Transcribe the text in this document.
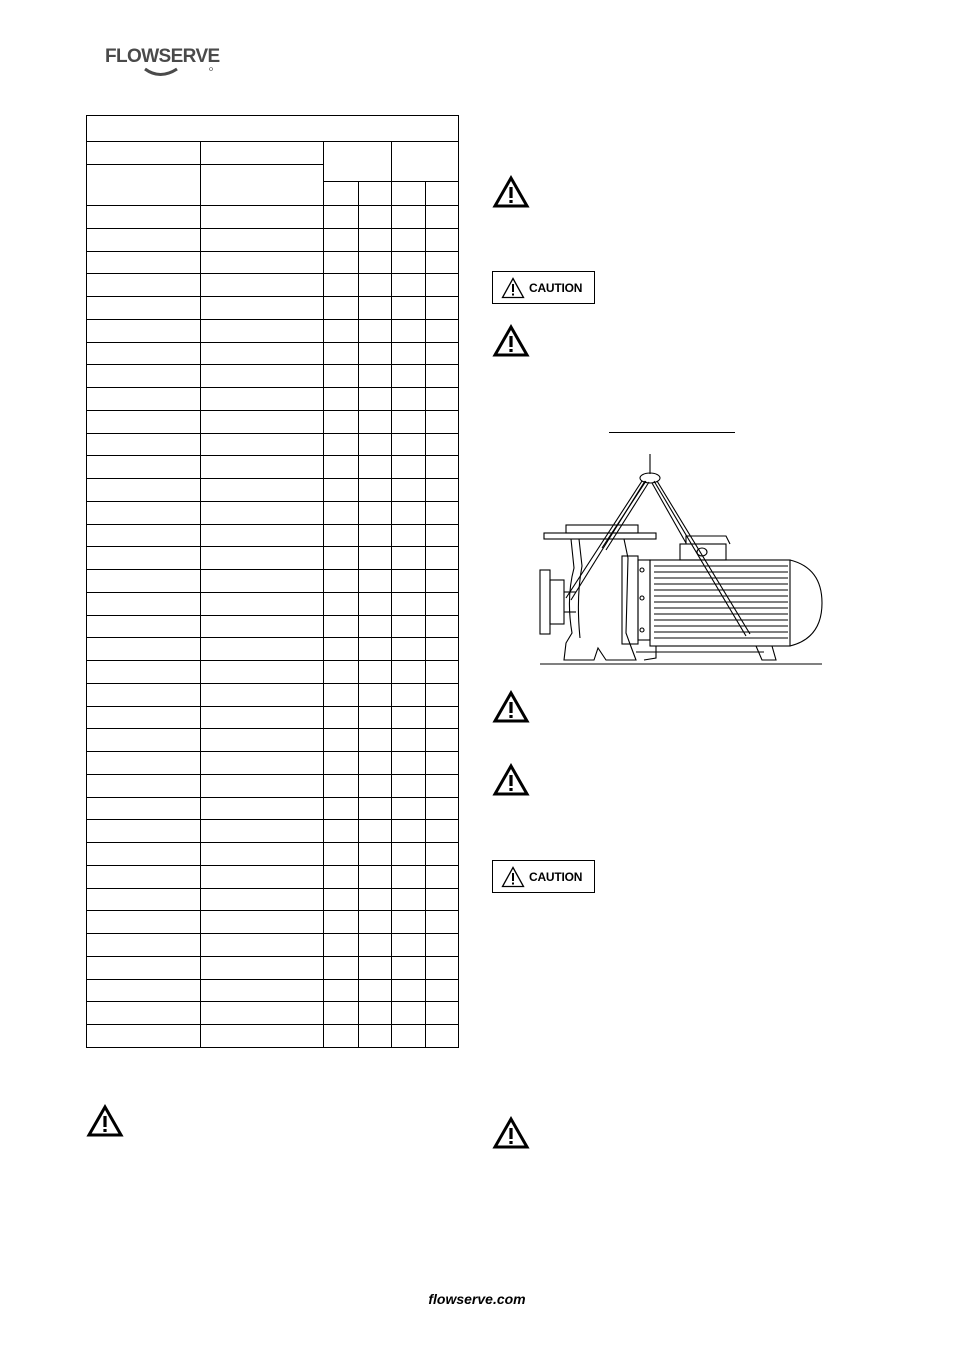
FLOWSERVE
CAUTION
CAUTION
flowserve.com
